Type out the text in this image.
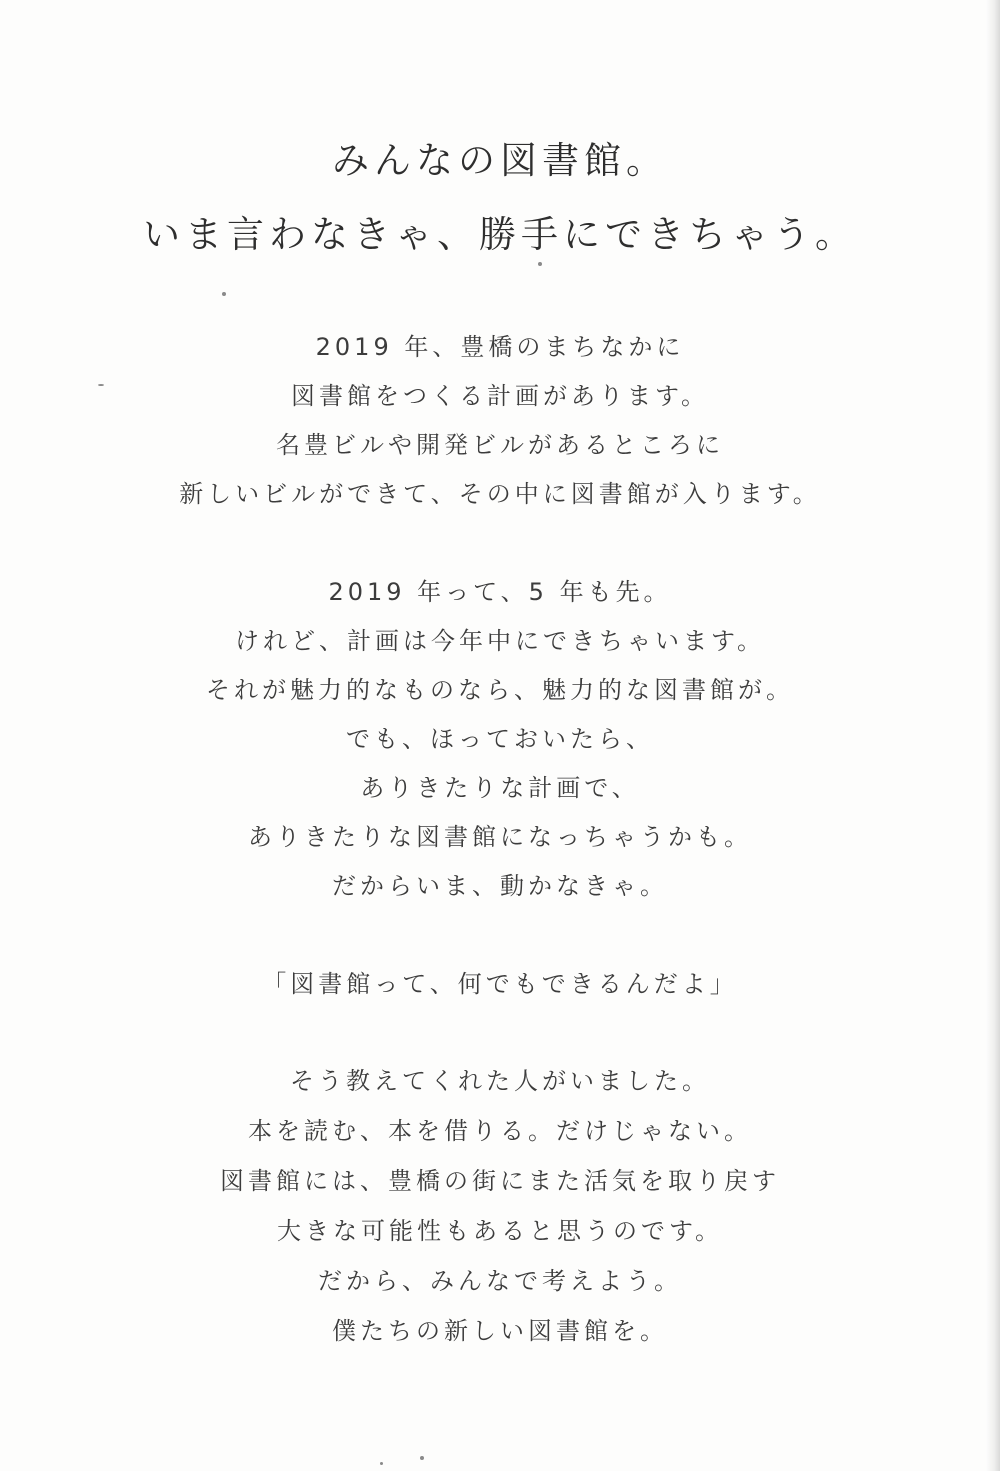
みんなの図書館。
いま言わなきゃ、勝手にできちゃう。
2019 年、豊橋のまちなかに
図書館をつくる計画があります。
名豊ビルや開発ビルがあるところに
新しいビルができて、その中に図書館が入ります。
2019 年って、5 年も先。
けれど、計画は今年中にできちゃいます。
それが魅力的なものなら、魅力的な図書館が。
でも、ほっておいたら、
ありきたりな計画で、
ありきたりな図書館になっちゃうかも。
だからいま、動かなきゃ。
「図書館って、何でもできるんだよ」
そう教えてくれた人がいました。
本を読む、本を借りる。だけじゃない。
図書館には、豊橋の街にまた活気を取り戻す
大きな可能性もあると思うのです。
だから、みんなで考えよう。
僕たちの新しい図書館を。
